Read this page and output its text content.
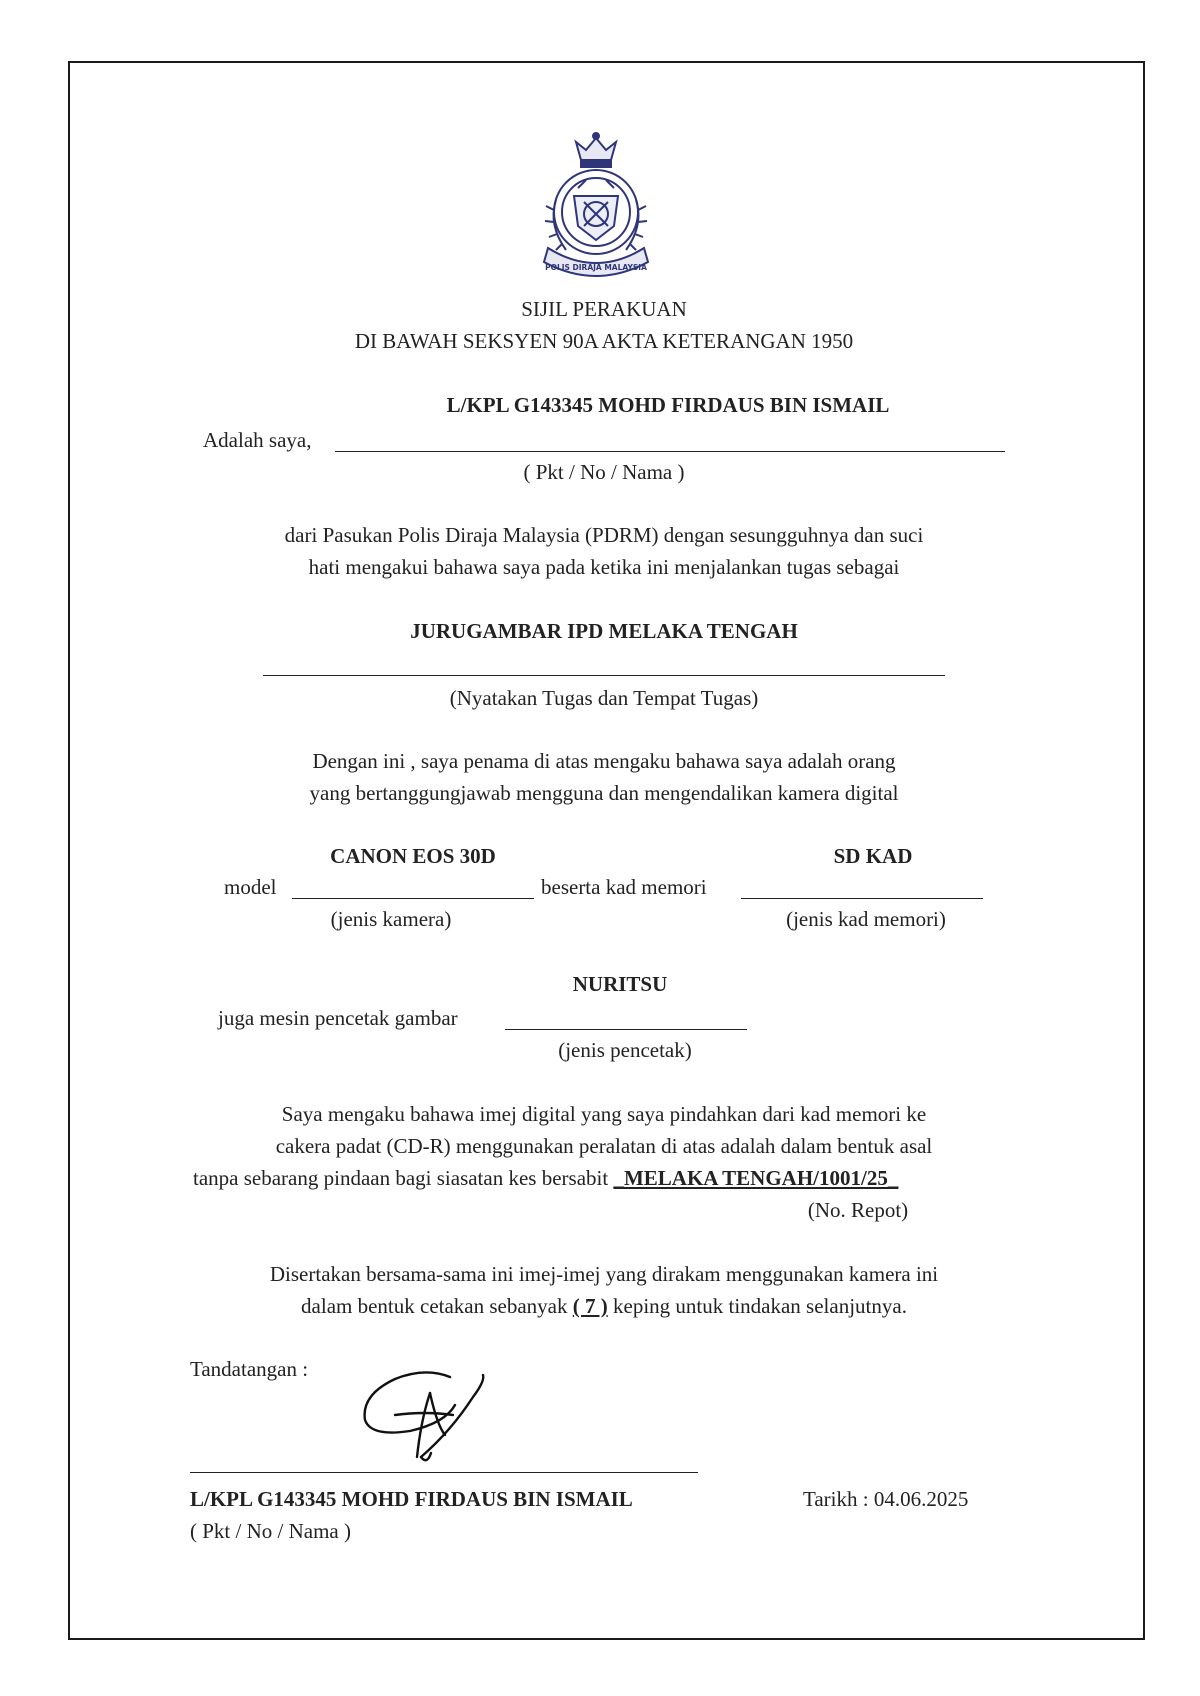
POLIS DIRAJA MALAYSIA
SIJIL PERAKUAN
DI BAWAH SEKSYEN 90A AKTA KETERANGAN 1950
L/KPL G143345 MOHD FIRDAUS BIN ISMAIL
Adalah saya,
( Pkt / No / Nama )
dari Pasukan Polis Diraja Malaysia (PDRM) dengan sesungguhnya dan suci
hati mengakui bahawa saya pada ketika ini menjalankan tugas sebagai
JURUGAMBAR IPD MELAKA TENGAH
(Nyatakan Tugas dan Tempat Tugas)
Dengan ini , saya penama di atas mengaku bahawa saya adalah orang
yang bertanggungjawab mengguna dan mengendalikan kamera digital
CANON EOS 30D	SD KAD
model	beserta kad memori
(jenis kamera)	(jenis kad memori)
NURITSU
juga mesin pencetak gambar
(jenis pencetak)
Saya mengaku bahawa imej digital yang saya pindahkan dari kad memori ke
cakera padat (CD-R) menggunakan peralatan di atas adalah dalam bentuk asal
tanpa sebarang pindaan bagi siasatan kes bersabit _MELAKA TENGAH/1001/25_
(No. Repot)
Disertakan bersama-sama ini imej-imej yang dirakam menggunakan kamera ini
dalam bentuk cetakan sebanyak ( 7 ) keping untuk tindakan selanjutnya.
Tandatangan :
L/KPL G143345 MOHD FIRDAUS BIN ISMAIL
( Pkt / No / Nama )
Tarikh : 04.06.2025
